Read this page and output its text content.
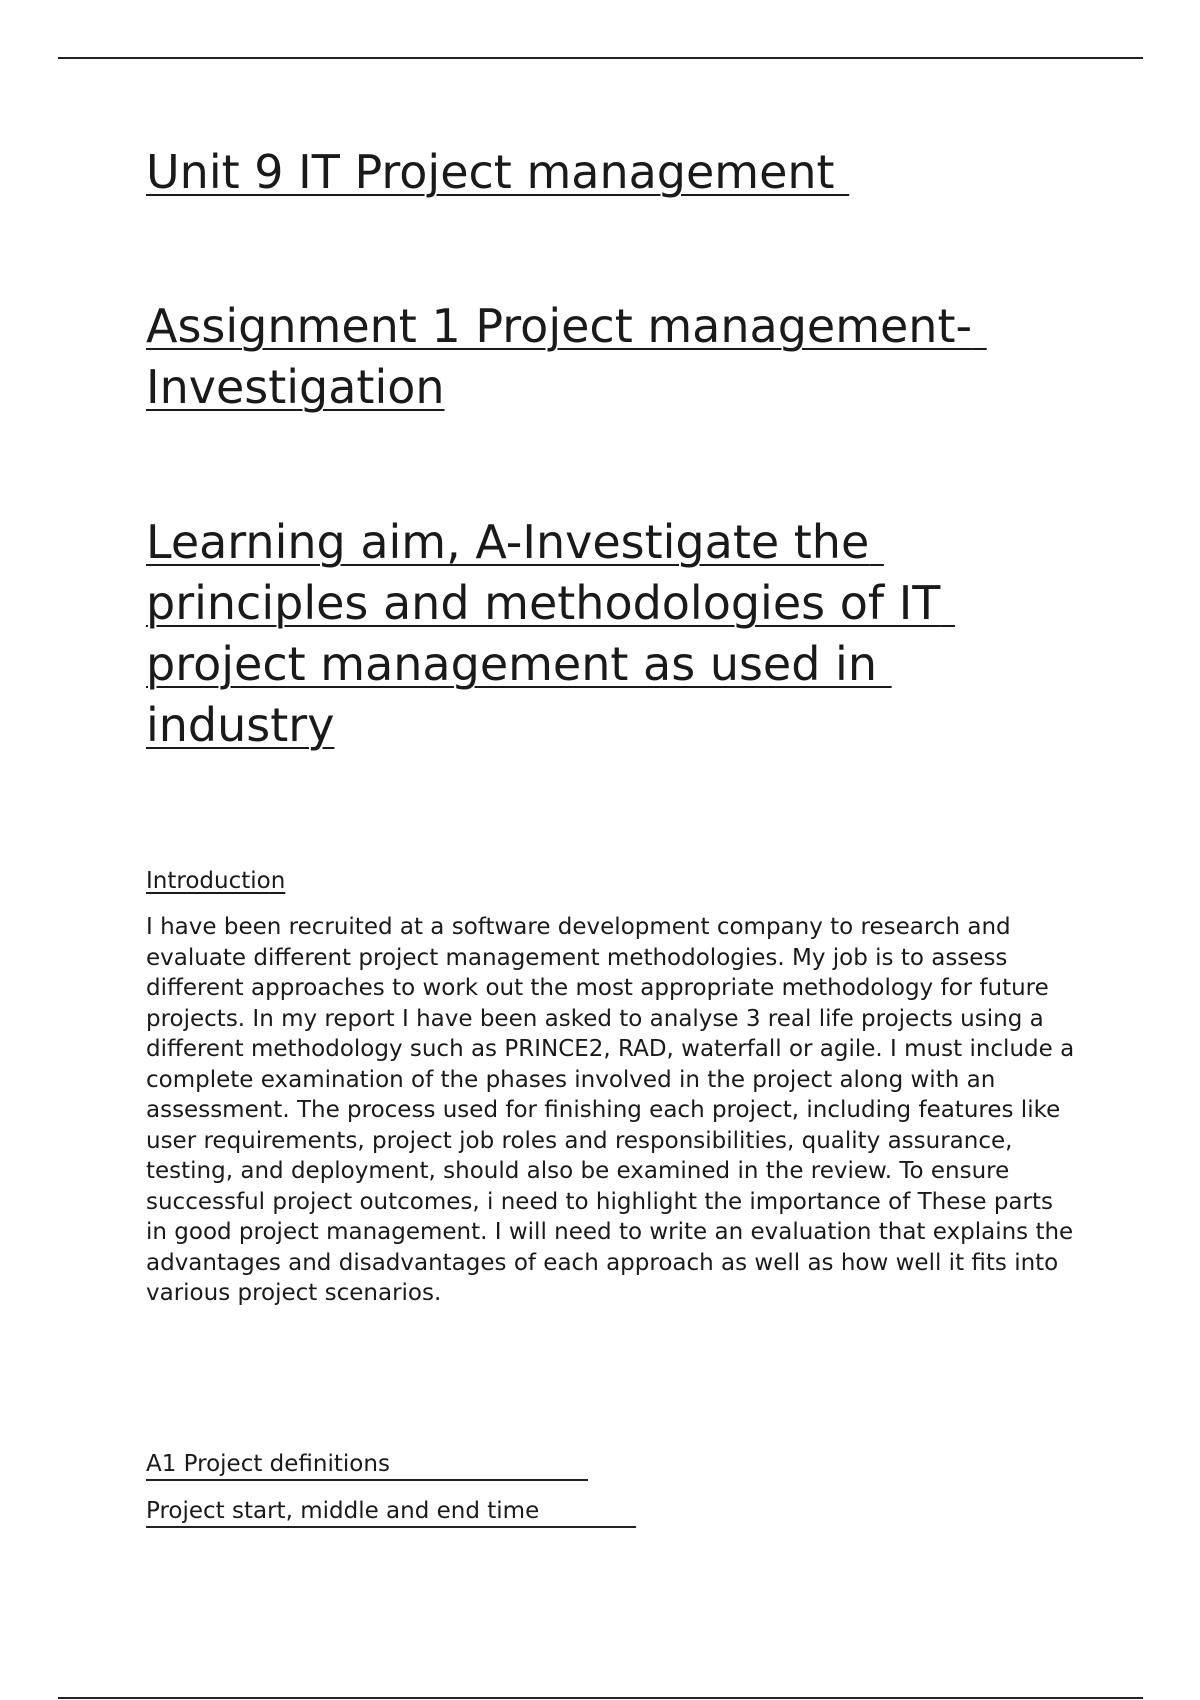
Unit 9 IT Project management
Assignment 1 Project management- Investigation
Learning aim, A-Investigate the principles and methodologies of IT project management as used in industry
Introduction

I have been recruited at a software development company to research and evaluate different project management methodologies. My job is to assess different approaches to work out the most appropriate methodology for future projects. In my report I have been asked to analyse 3 real life projects using a different methodology such as PRINCE2, RAD, waterfall or agile. I must include a complete examination of the phases involved in the project along with an assessment. The process used for finishing each project, including features like user requirements, project job roles and responsibilities, quality assurance, testing, and deployment, should also be examined in the review. To ensure successful project outcomes, i need to highlight the importance of These parts in good project management. I will need to write an evaluation that explains the advantages and disadvantages of each approach as well as how well it fits into various project scenarios.

A1 Project definitions
Project start, middle and end time
